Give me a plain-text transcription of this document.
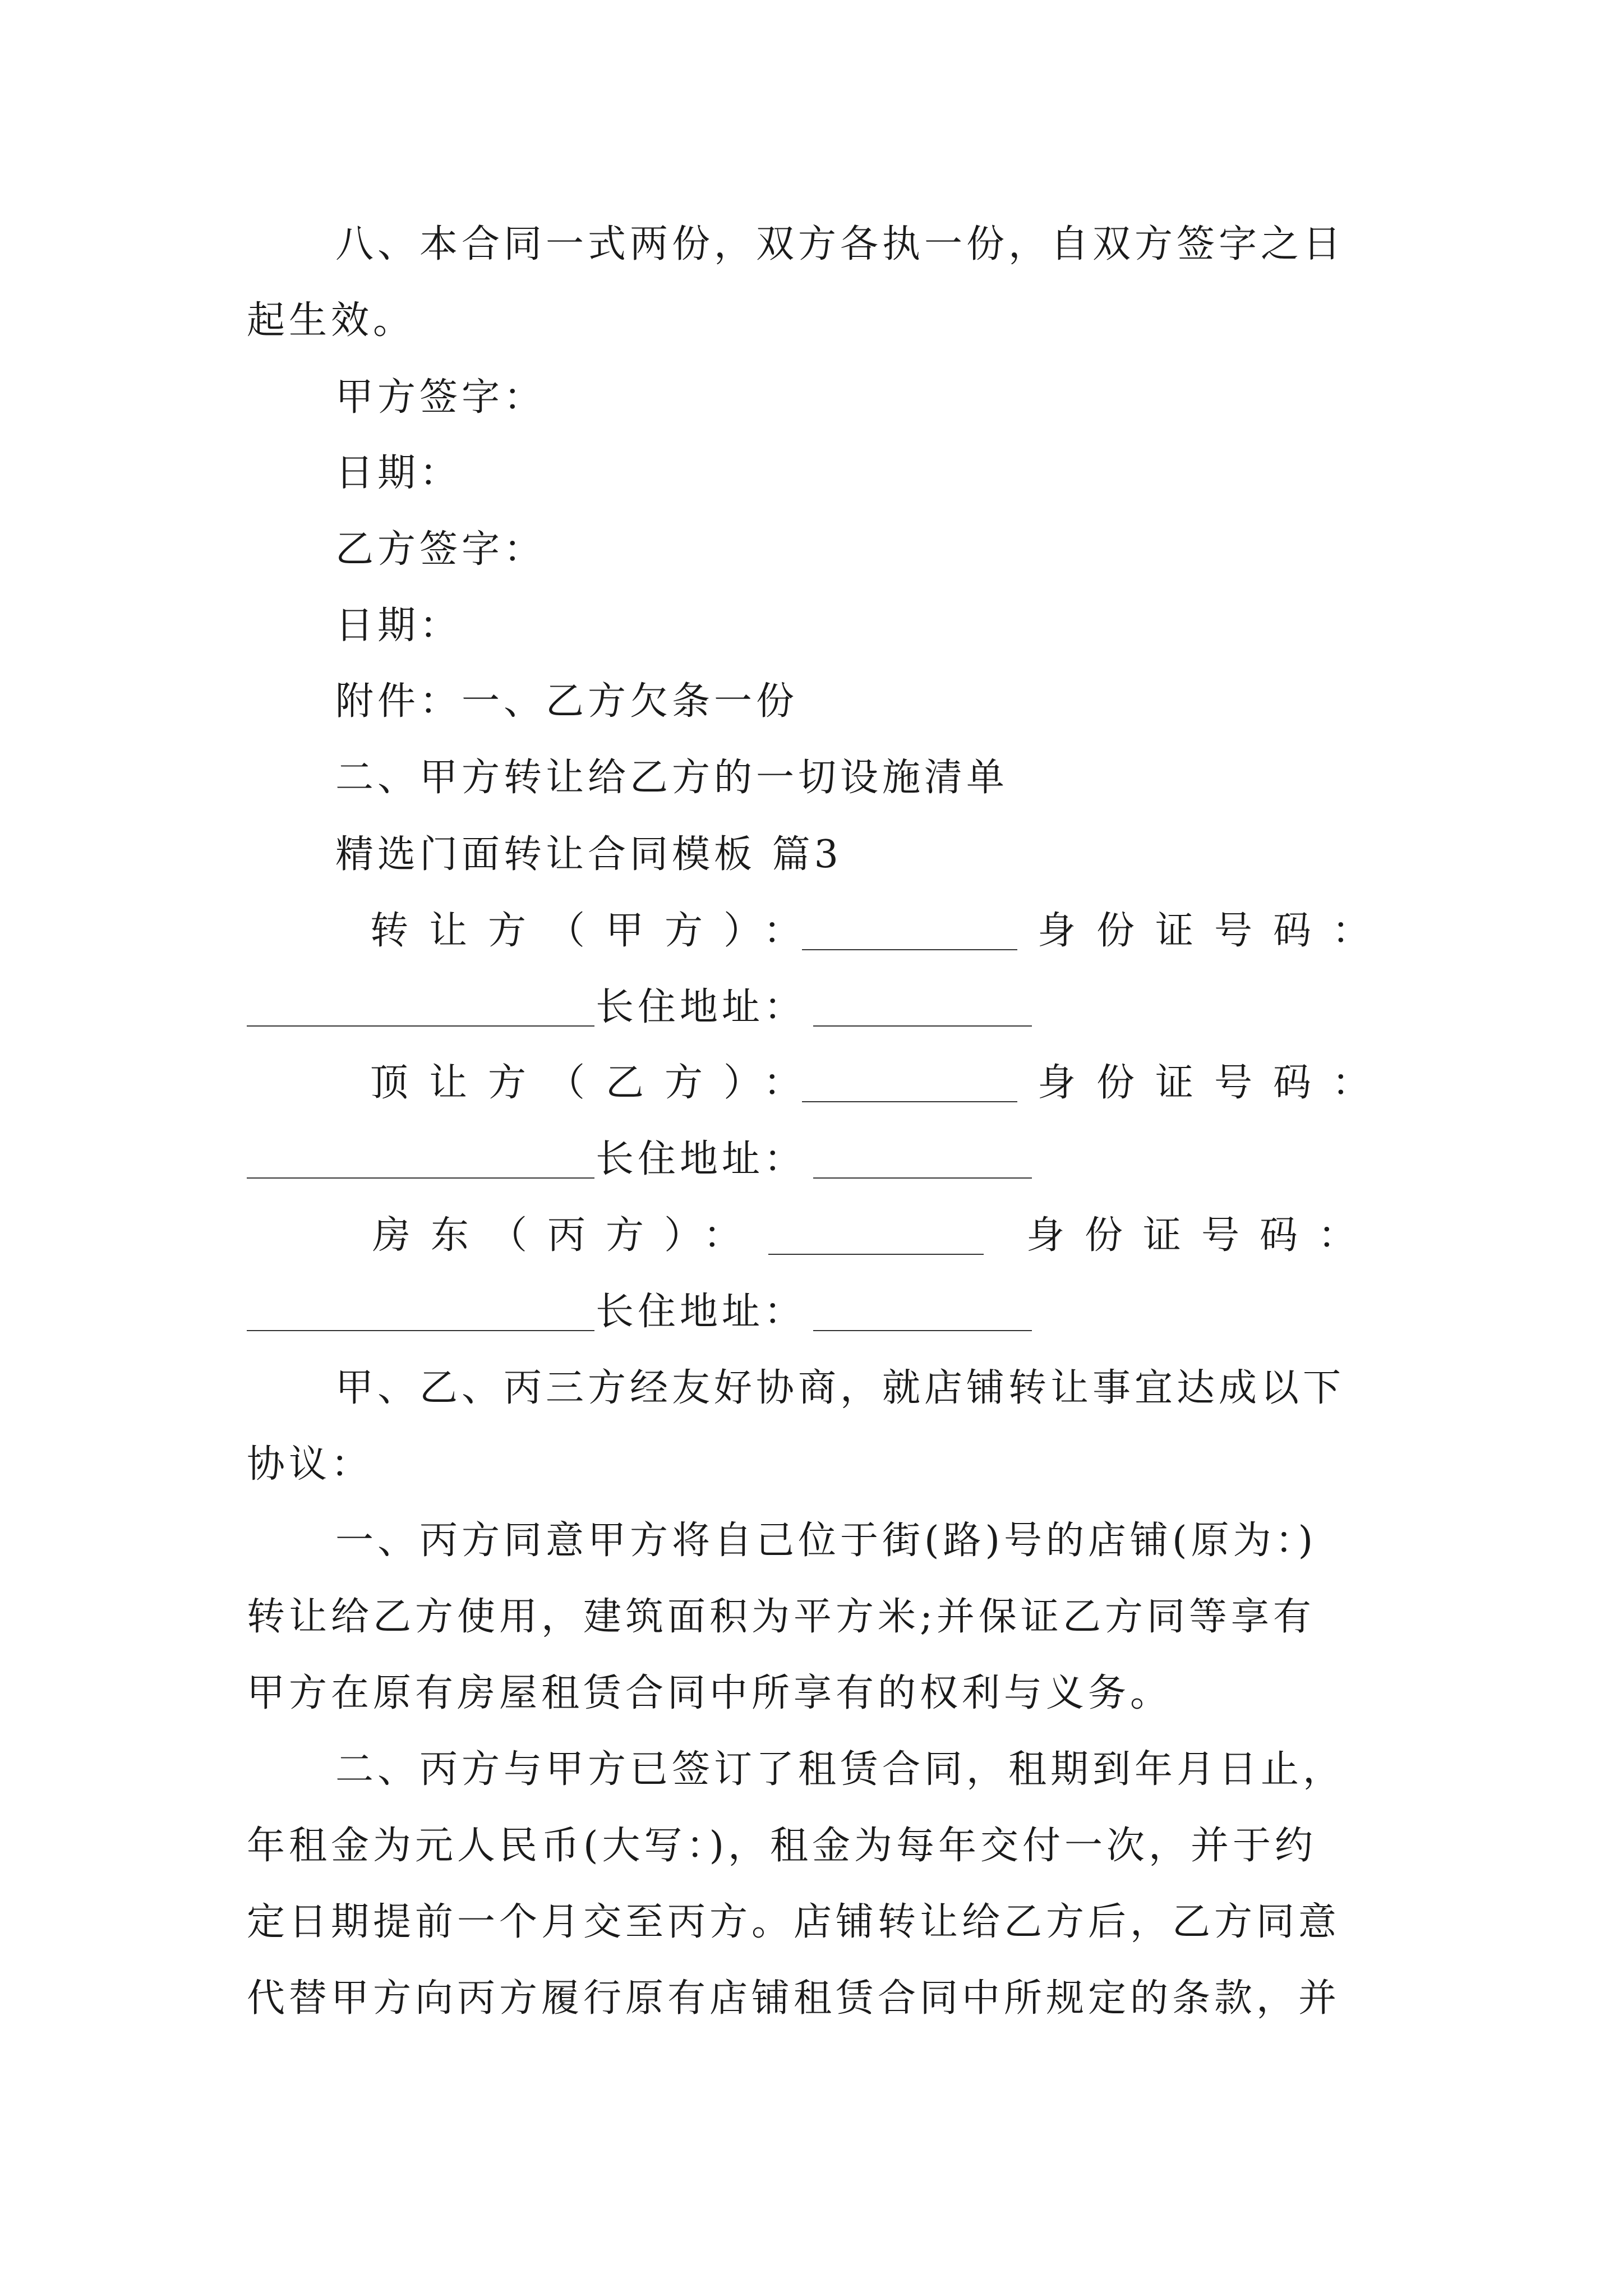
八、本合同一式两份，双方各执一份，自双方签字之日
起生效。
甲方签字：
日期：
乙方签字：
日期：
附件：一、乙方欠条一份
二、甲方转让给乙方的一切设施清单
精选门面转让合同模板 篇3
转让方（甲方）：	身份证号码：
长住地址：
顶让方（乙方）：	身份证号码：
长住地址：
房东（丙方）：	身份证号码：
长住地址：
甲、乙、丙三方经友好协商，就店铺转让事宜达成以下
协议：
一、丙方同意甲方将自己位于街(路)号的店铺(原为：)
转让给乙方使用，建筑面积为平方米;并保证乙方同等享有
甲方在原有房屋租赁合同中所享有的权利与义务。
二、丙方与甲方已签订了租赁合同，租期到年月日止，
年租金为元人民币(大写：)，租金为每年交付一次，并于约
定日期提前一个月交至丙方。店铺转让给乙方后，乙方同意
代替甲方向丙方履行原有店铺租赁合同中所规定的条款，并
